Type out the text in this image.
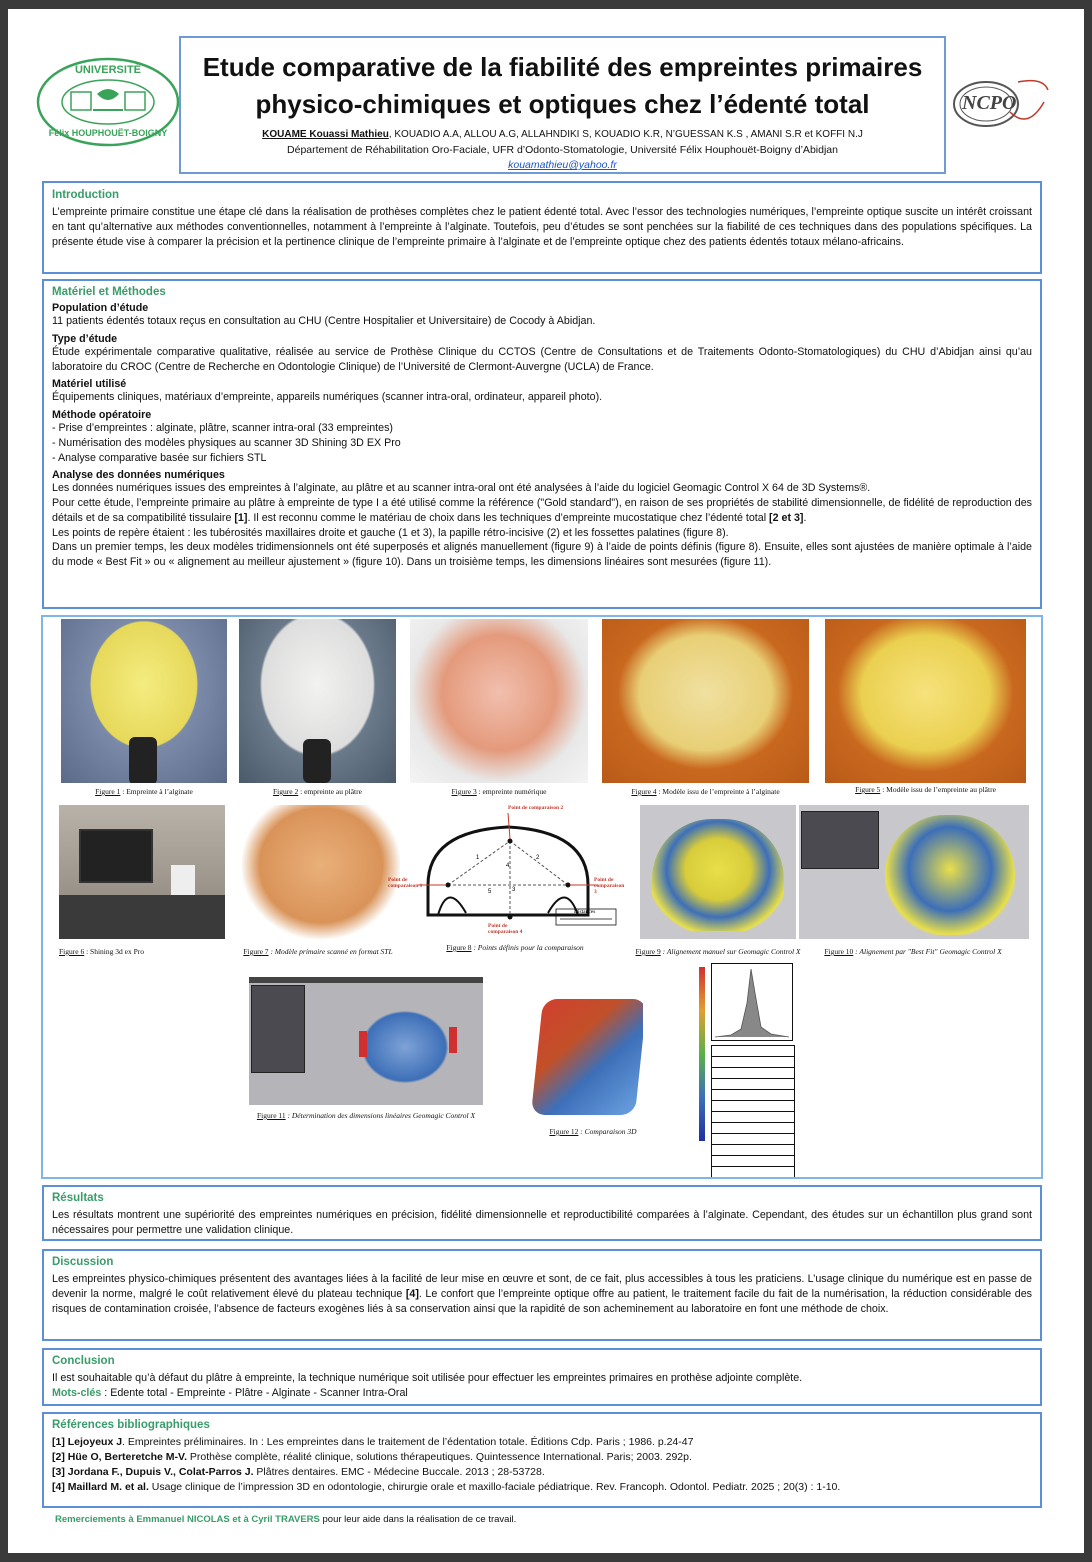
UNIVERSITÉ
Félix HOUPHOUËT-BOIGNY
Etude comparative de la fiabilité des empreintes primaires
physico-chimiques et optiques chez l’édenté total
KOUAME Kouassi Mathieu, KOUADIO A.A, ALLOU A.G, ALLAHNDIKI S, KOUADIO K.R, N’GUESSAN K.S , AMANI S.R et KOFFI N.J
Département de Réhabilitation Oro-Faciale, UFR d’Odonto-Stomatologie, Université Félix Houphouët-Boigny d’Abidjan
kouamathieu@yahoo.fr
NCPO
Introduction
L’empreinte primaire constitue une étape clé dans la réalisation de prothèses complètes chez le patient édenté total. Avec l’essor des technologies numériques, l’empreinte optique suscite un intérêt croissant en tant qu’alternative aux méthodes conventionnelles, notamment à l’empreinte à l’alginate. Toutefois, peu d’études se sont penchées sur la fiabilité de ces techniques dans des populations spécifiques. La présente étude vise à comparer la précision et la pertinence clinique de l’empreinte primaire à l’alginate et de l’empreinte optique chez des patients édentés totaux mélano-africains.
Matériel et Méthodes
Population d’étude
11 patients édentés totaux reçus en consultation au CHU (Centre Hospitalier et Universitaire) de Cocody à Abidjan.
Type d’étude
Étude expérimentale comparative qualitative, réalisée au service de Prothèse Clinique du CCTOS (Centre de Consultations et de Traitements Odonto-Stomatologiques) du CHU d’Abidjan ainsi qu’au laboratoire du CROC (Centre de Recherche en Odontologie Clinique) de l’Université de Clermont-Auvergne (UCLA) de France.
Matériel utilisé
Équipements cliniques, matériaux d’empreinte, appareils numériques (scanner intra-oral, ordinateur, appareil photo).
Méthode opératoire
- Prise d’empreintes : alginate, plâtre, scanner intra-oral (33 empreintes)
- Numérisation des modèles physiques au scanner 3D Shining 3D EX Pro
- Analyse comparative basée sur fichiers STL
Analyse des données numériques
Les données numériques issues des empreintes à l’alginate, au plâtre et au scanner intra-oral ont été analysées à l’aide du logiciel Geomagic Control X 64 de 3D Systems®.
Pour cette étude, l’empreinte primaire au plâtre à empreinte de type I a été utilisé comme la référence ("Gold standard"), en raison de ses propriétés de stabilité dimensionnelle, de fidélité de reproduction des détails et de sa compatibilité tissulaire [1]. Il est reconnu comme le matériau de choix dans les techniques d’empreinte mucostatique chez l’édenté total [2 et 3].
Les points de repère étaient : les tubérosités maxillaires droite et gauche (1 et 3), la papille rétro-incisive (2) et les fossettes palatines (figure 8).
Dans un premier temps, les deux modèles tridimensionnels ont été superposés et alignés manuellement (figure 9) à l’aide de points définis (figure 8). Ensuite, elles sont ajustées de manière optimale à l’aide du mode « Best Fit » ou « alignement au meilleur ajustement » (figure 10). Dans un troisième temps, les dimensions linéaires sont mesurées (figure 11).
Figure 1 : Empreinte à l’alginate	Figure 2 : empreinte au plâtre	Figure 3 : empreinte numérique	Figure 4 : Modèle issu de l’empreinte à l’alginate	Figure 5 : Modèle issu de l’empreinte au plâtre
Point de comparaison 2
Point de comparaison 1
Point de comparaison 3
Point de comparaison 4
1	2
3
4
5
Distances
Figure 6 : Shining 3d ex Pro	Figure 7 : Modèle primaire scanné en format STL	Figure 8 : Points définis pour la comparaison	Figure 9 : Alignement manuel sur Geomagic Control X	Figure 10 : Alignement par "Best Fit" Geomagic Control X
Figure 11 : Détermination des dimensions linéaires Geomagic Control X
Figure 12 : Comparaison 3D
Résultats
Les résultats montrent une supériorité des empreintes numériques en précision, fidélité dimensionnelle et reproductibilité comparées à l’alginate. Cependant, des études sur un échantillon plus grand sont nécessaires pour permettre une validation clinique.
Discussion
Les empreintes physico-chimiques présentent des avantages liées à la facilité de leur mise en œuvre et sont, de ce fait, plus accessibles à tous les praticiens. L’usage clinique du numérique est en passe de devenir la norme, malgré le coût relativement élevé du plateau technique [4]. Le confort que l’empreinte optique offre au patient, le traitement facile du fait de la numérisation, la réduction considérable des risques de contamination croisée, l’absence de facteurs exogènes liés à sa conservation ainsi que la rapidité de son acheminement au laboratoire en font une méthode de choix.
Conclusion
Il est souhaitable qu’à défaut du plâtre à empreinte, la technique numérique soit utilisée pour effectuer les empreintes primaires en prothèse adjointe complète.
Mots-clés : Edente total - Empreinte - Plâtre - Alginate - Scanner Intra-Oral
Références bibliographiques
[1] Lejoyeux J. Empreintes préliminaires. In : Les empreintes dans le traitement de l’édentation totale. Éditions Cdp. Paris ; 1986. p.24-47
[2] Hüe O, Berteretche M-V. Prothèse complète, réalité clinique, solutions thérapeutiques. Quintessence International. Paris; 2003. 292p.
[3] Jordana F., Dupuis V., Colat-Parros J. Plâtres dentaires. EMC - Médecine Buccale. 2013 ; 28-53728.
[4] Maillard M. et al. Usage clinique de l’impression 3D en odontologie, chirurgie orale et maxillo-faciale pédiatrique. Rev. Francoph. Odontol. Pediatr. 2025 ; 20(3) : 1-10.
Remerciements à Emmanuel NICOLAS et à Cyril TRAVERS pour leur aide dans la réalisation de ce travail.
